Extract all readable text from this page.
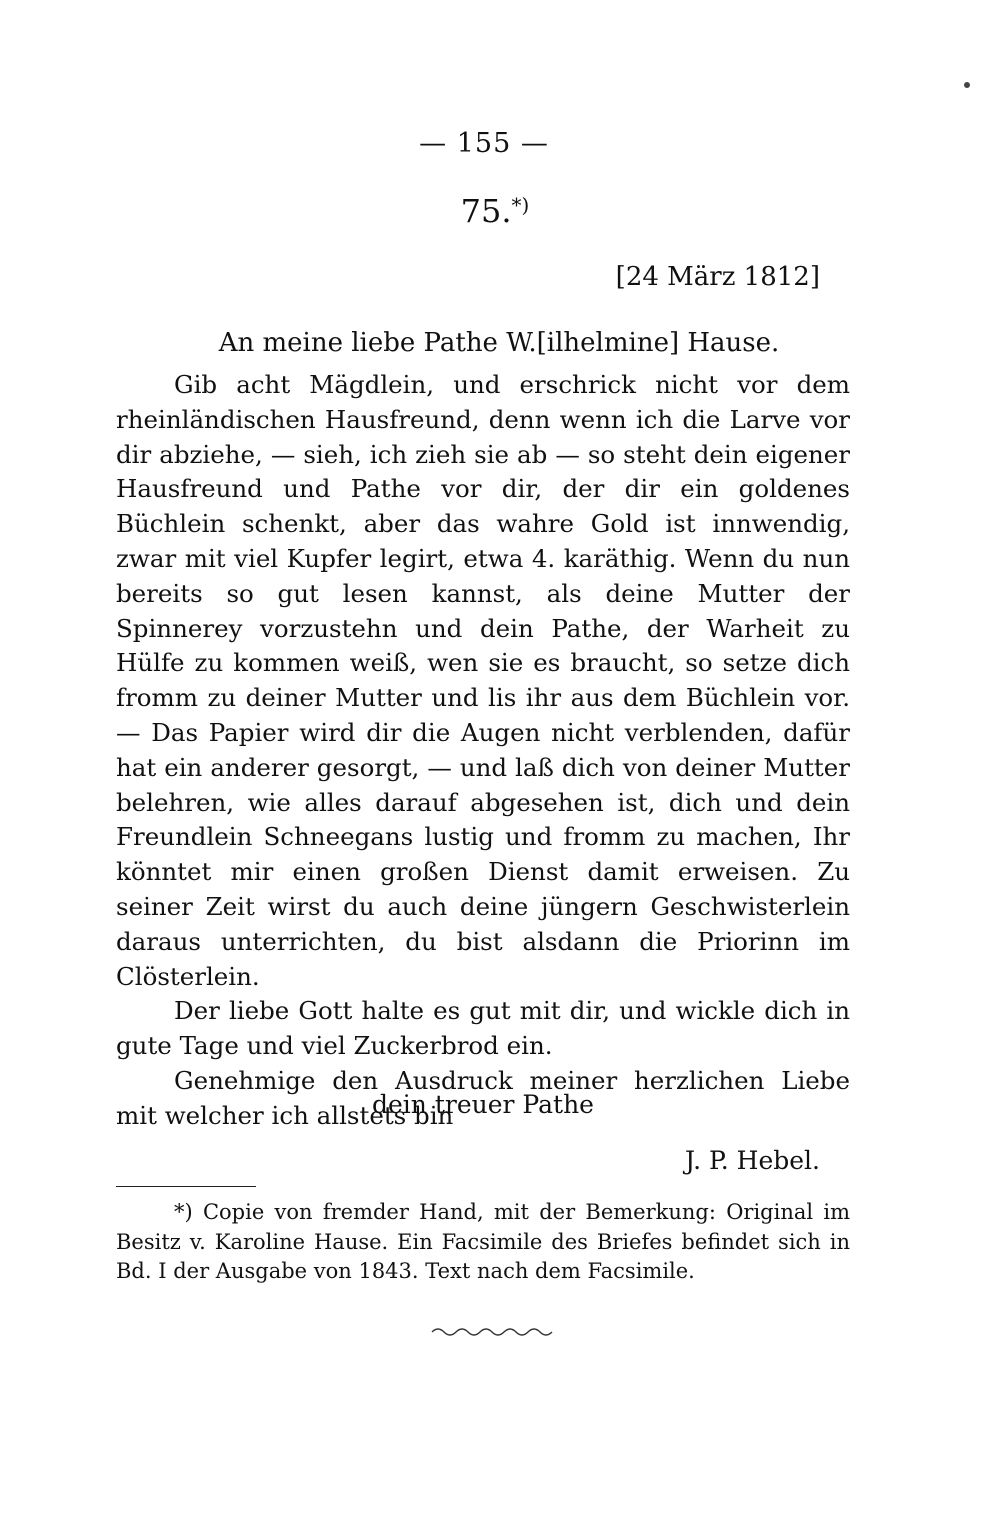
— 155 —
75.*)
[24 März 1812]
An meine liebe Pathe W.[ilhelmine] Hause.

Gib acht Mägdlein, und erschrick nicht vor dem rheinländischen Hausfreund, denn wenn ich die Larve vor dir abziehe, — sieh, ich zieh sie ab — so steht dein eigener Hausfreund und Pathe vor dir, der dir ein goldenes Büchlein schenkt, aber das wahre Gold ist innwendig, zwar mit viel Kupfer legirt, etwa 4. karäthig. Wenn du nun bereits so gut lesen kannst, als deine Mutter der Spinnerey vorzustehn und dein Pathe, der Warheit zu Hülfe zu kommen weiß, wen sie es braucht, so setze dich fromm zu deiner Mutter und lis ihr aus dem Büchlein vor. — Das Papier wird dir die Augen nicht verblenden, dafür hat ein anderer gesorgt, — und laß dich von deiner Mutter belehren, wie alles darauf abgesehen ist, dich und dein Freundlein Schneegans lustig und fromm zu machen, Ihr könntet mir einen großen Dienst damit erweisen. Zu seiner Zeit wirst du auch deine jüngern Geschwisterlein daraus unterrichten, du bist alsdann die Priorinn im Clösterlein.

Der liebe Gott halte es gut mit dir, und wickle dich in gute Tage und viel Zuckerbrod ein.

Genehmige den Ausdruck meiner herzlichen Liebe mit welcher ich allstets bin

dein treuer Pathe
J. P. Hebel.

*) Copie von fremder Hand, mit der Bemerkung: Original im Besitz v. Karoline Hause. Ein Facsimile des Briefes befindet sich in Bd. I der Ausgabe von 1843. Text nach dem Facsimile.
